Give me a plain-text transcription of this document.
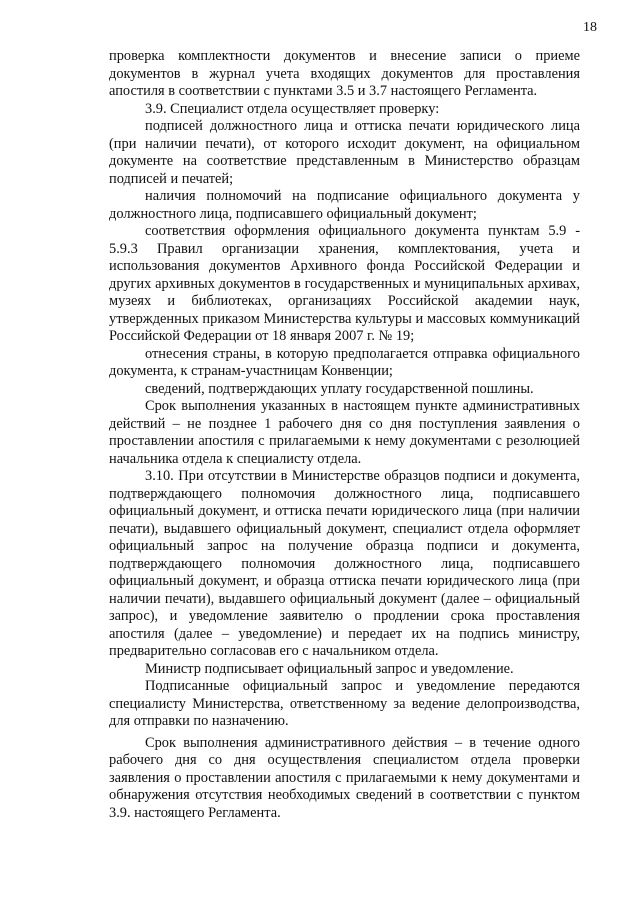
18

проверка комплектности документов и внесение записи о приеме документов в журнал учета входящих документов для проставления апостиля в соответствии с пунктами 3.5 и 3.7 настоящего Регламента.

3.9. Специалист отдела осуществляет проверку:

подписей должностного лица и оттиска печати юридического лица (при наличии печати), от которого исходит документ, на официальном документе на соответствие представленным в Министерство образцам подписей и печатей;

наличия полномочий на подписание официального документа у должностного лица, подписавшего официальный документ;

соответствия оформления официального документа пунктам 5.9 - 5.9.3 Правил организации хранения, комплектования, учета и использования документов Архивного фонда Российской Федерации и других архивных документов в государственных и муниципальных архивах, музеях и библиотеках, организациях Российской академии наук, утвержденных приказом Министерства культуры и массовых коммуникаций Российской Федерации от 18 января 2007 г. № 19;

отнесения страны, в которую предполагается отправка официального документа, к странам-участницам Конвенции;

сведений, подтверждающих уплату государственной пошлины.

Срок выполнения указанных в настоящем пункте административных действий – не позднее 1 рабочего дня со дня поступления заявления о проставлении апостиля с прилагаемыми к нему документами с резолюцией начальника отдела к специалисту отдела.

3.10. При отсутствии в Министерстве образцов подписи и документа, подтверждающего полномочия должностного лица, подписавшего официальный документ, и оттиска печати юридического лица (при наличии печати), выдавшего официальный документ, специалист отдела оформляет официальный запрос на получение образца подписи и документа, подтверждающего полномочия должностного лица, подписавшего официальный документ, и образца оттиска печати юридического лица (при наличии печати), выдавшего официальный документ (далее – официальный запрос), и уведомление заявителю о продлении срока проставления апостиля (далее – уведомление) и передает их на подпись министру, предварительно согласовав его с начальником отдела.

Министр подписывает официальный запрос и уведомление.

Подписанные официальный запрос и уведомление передаются специалисту Министерства, ответственному за ведение делопроизводства, для отправки по назначению.

Срок выполнения административного действия – в течение одного рабочего дня со дня осуществления специалистом отдела проверки заявления о проставлении апостиля с прилагаемыми к нему документами и обнаружения отсутствия необходимых сведений в соответствии с пунктом 3.9. настоящего Регламента.
